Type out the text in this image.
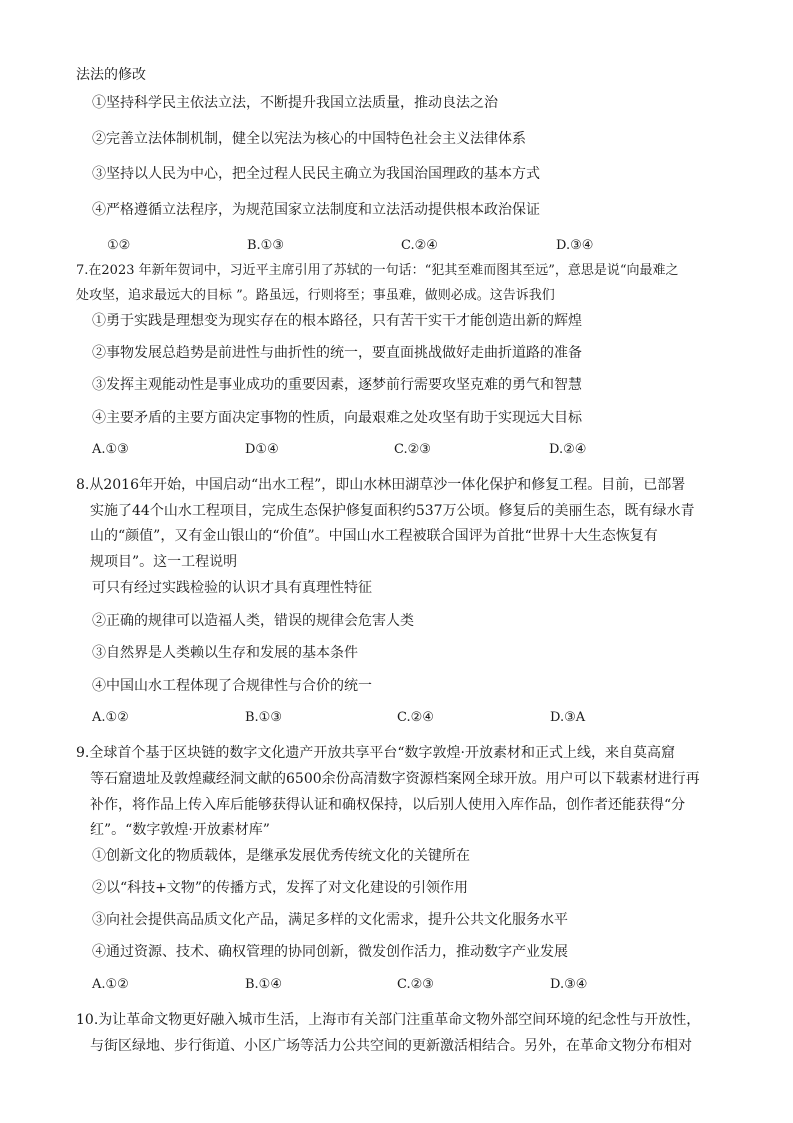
法法的修改
①坚持科学民主依法立法，不断提升我国立法质量，推动良法之治
②完善立法体制机制，健全以宪法为核心的中国特色社会主义法律体系
③坚持以人民为中心，把全过程人民民主确立为我国治国理政的基本方式
④严格遵循立法程序，为规范国家立法制度和立法活动提供根本政治保证
①②	B.①③	C.②④	D.③④
7.在2023 年新年贺词中，习近平主席引用了苏轼的一句话：“犯其至难而图其至远”，意思是说“向最难之
处攻坚，追求最远大的目标 ”。路虽远，行则将至；事虽难，做则必成。这告诉我们
①勇于实践是理想变为现实存在的根本路径，只有苦干实干才能创造出新的辉煌
②事物发展总趋势是前进性与曲折性的统一，要直面挑战做好走曲折道路的准备
③发挥主观能动性是事业成功的重要因素，逐梦前行需要攻坚克难的勇气和智慧
④主要矛盾的主要方面决定事物的性质，向最艰难之处攻坚有助于实现远大目标
A.①③	D①④	C.②③	D.②④
8.从2016年开始，中国启动“出水工程”，即山水林田湖草沙一体化保护和修复工程。目前，已部署
实施了44个山水工程项目，完成生态保护修复面积约537万公顷。修复后的美丽生态，既有绿水青
山的“颜值”，又有金山银山的“价值”。中国山水工程被联合国评为首批“世界十大生态恢复有
规项目”。这一工程说明
可只有经过实践检验的认识才具有真理性特征
②正确的规律可以造福人类，错误的规律会危害人类
③自然界是人类赖以生存和发展的基本条件
④中国山水工程体现了合规律性与合价的统一
A.①②	B.①③	C.②④	D.③A
9.全球首个基于区块链的数字文化遗产开放共享平台“数字敦煌·开放素材和正式上线，来自莫高窟
等石窟遗址及敦煌藏经洞文献的6500余份高清数字资源档案网全球开放。用户可以下载素材进行再
补作，将作品上传入库后能够获得认证和确权保持，以后别人使用入库作品，创作者还能获得“分
红”。“数字敦煌·开放素材库”
①创新文化的物质载体，是继承发展优秀传统文化的关键所在
②以“科技+文物”的传播方式，发挥了对文化建设的引领作用
③向社会提供高品质文化产品，满足多样的文化需求，提升公共文化服务水平
④通过资源、技术、确权管理的协同创新，微发创作活力，推动数字产业发展
A.①②	B.①④	C.②③	D.③④
10.为让革命文物更好融入城市生活，上海市有关部门注重革命文物外部空间环境的纪念性与开放性，
与街区绿地、步行街道、小区广场等活力公共空间的更新激活相结合。另外，在革命文物分布相对
